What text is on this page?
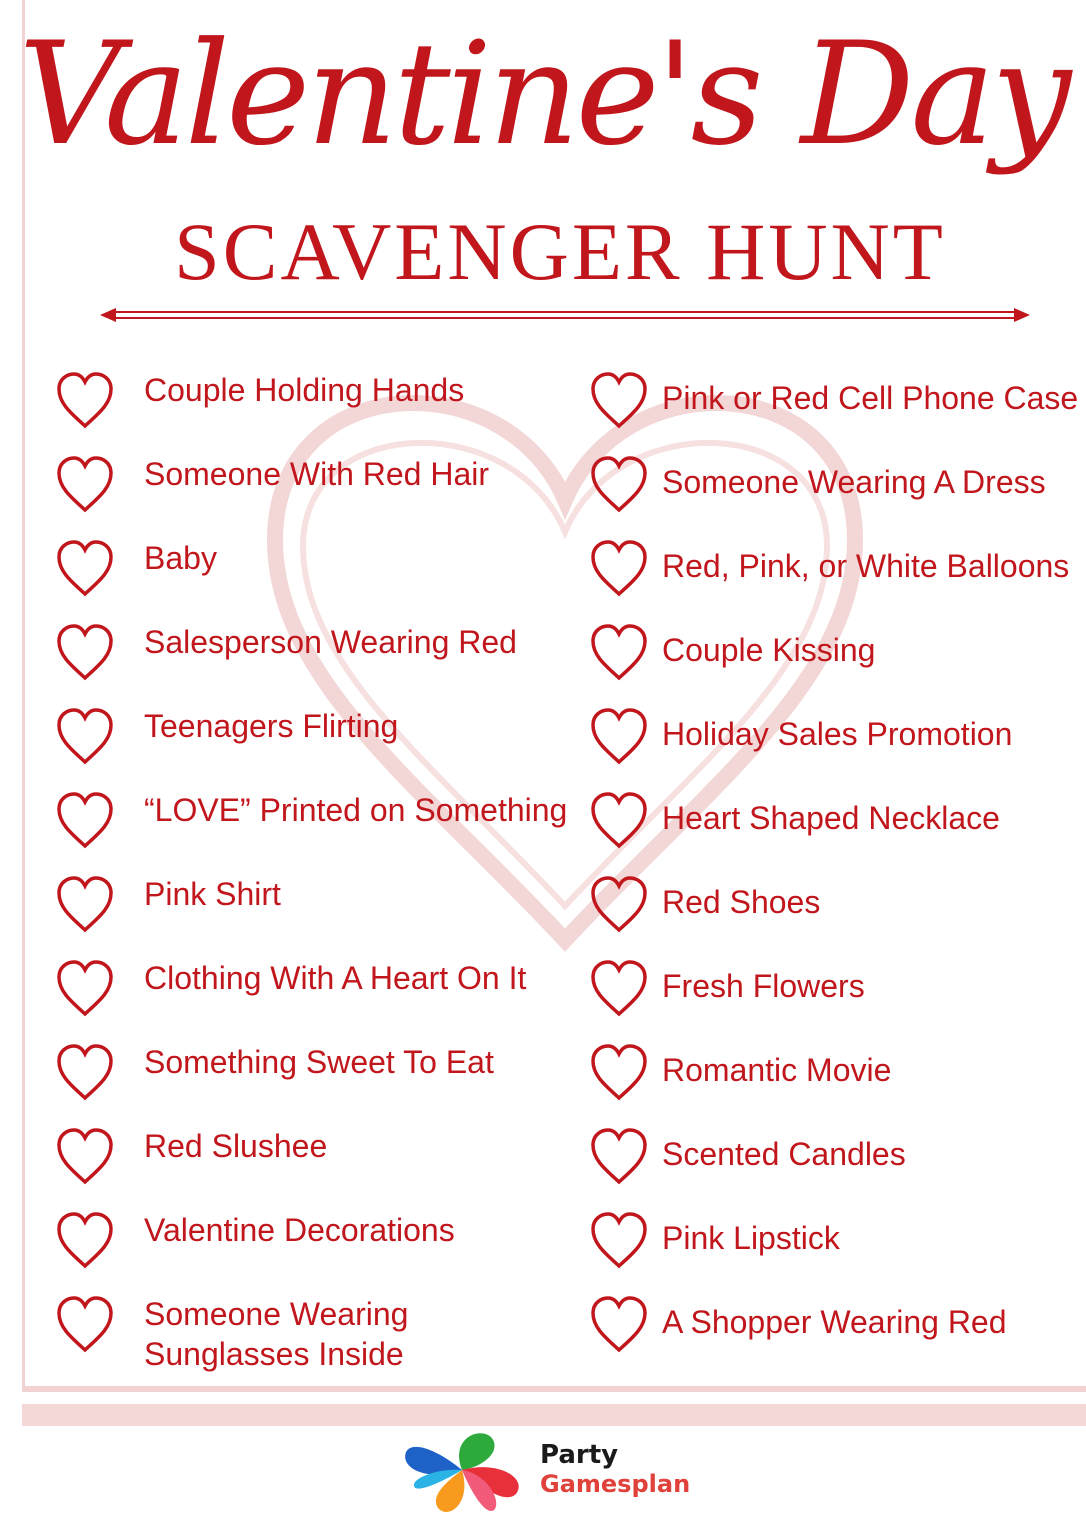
Valentine's Day
SCAVENGER HUNT
Couple Holding Hands
Someone With Red Hair
Baby
Salesperson Wearing Red
Teenagers Flirting
“LOVE” Printed on Something
Pink Shirt
Clothing With A Heart On It
Something Sweet To Eat
Red Slushee
Valentine Decorations
Someone Wearing
Sunglasses Inside
Pink or Red Cell Phone Case
Someone Wearing A Dress
Red, Pink, or White Balloons
Couple Kissing
Holiday Sales Promotion
Heart Shaped Necklace
Red Shoes
Fresh Flowers
Romantic Movie
Scented Candles
Pink Lipstick
A Shopper Wearing Red
Party
Gamesplan
